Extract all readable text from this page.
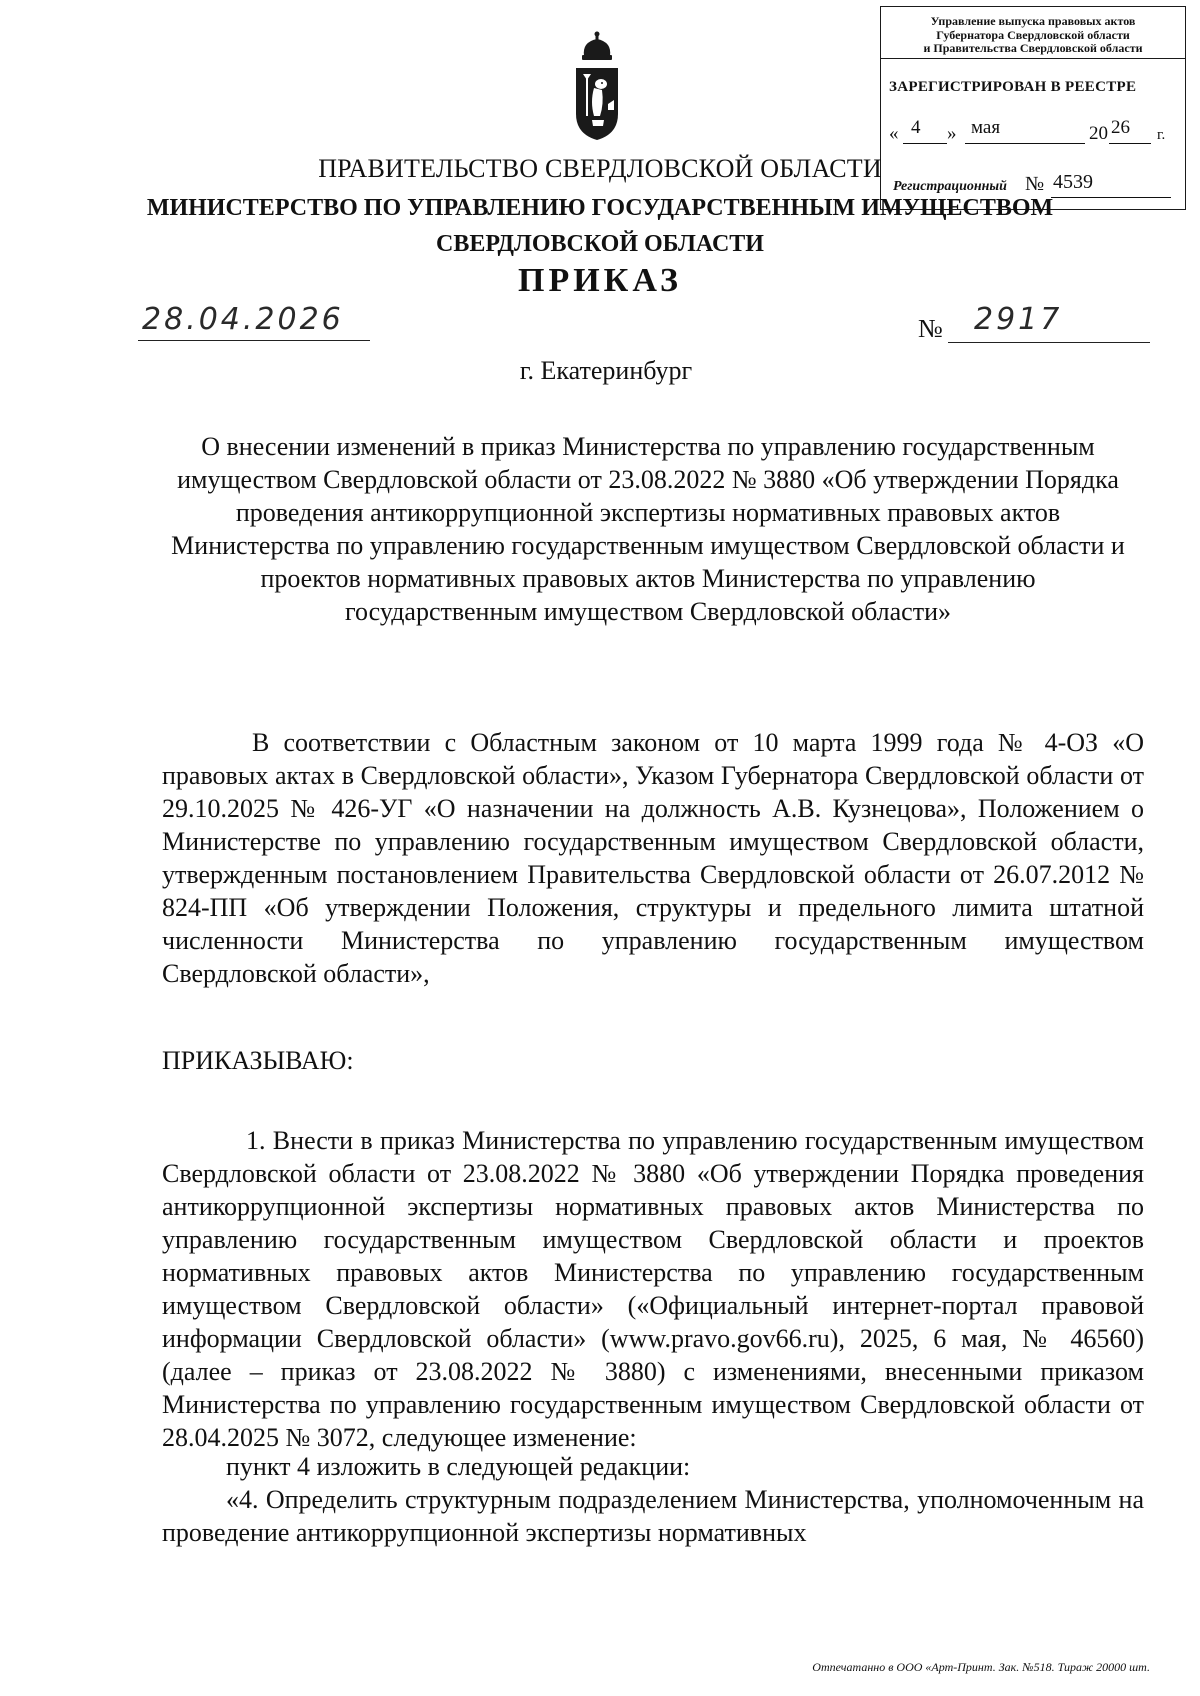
Управление выпуска правовых актов
Губернатора Свердловской области
и Правительства Свердловской области
ЗАРЕГИСТРИРОВАН В РЕЕСТРЕ
« 4 » мая	20 26 г.
Регистрационный № 4539
ПРАВИТЕЛЬСТВО СВЕРДЛОВСКОЙ ОБЛАСТИ
МИНИСТЕРСТВО ПО УПРАВЛЕНИЮ ГОСУДАРСТВЕННЫМ ИМУЩЕСТВОМ
СВЕРДЛОВСКОЙ ОБЛАСТИ
ПРИКАЗ
28.04.2026	№ 2917
г. Екатеринбург
О внесении изменений в приказ Министерства по управлению государственным имуществом Свердловской области от 23.08.2022 № 3880 «Об утверждении Порядка проведения антикоррупционной экспертизы нормативных правовых актов Министерства по управлению государственным имуществом Свердловской области и проектов нормативных правовых актов Министерства по управлению государственным имуществом Свердловской области»
В соответствии с Областным законом от 10 марта 1999 года № 4-ОЗ «О правовых актах в Свердловской области», Указом Губернатора Свердловской области от 29.10.2025 № 426-УГ «О назначении на должность А.В. Кузнецова», Положением о Министерстве по управлению государственным имуществом Свердловской области, утвержденным постановлением Правительства Свердловской области от 26.07.2012 № 824-ПП «Об утверждении Положения, структуры и предельного лимита штатной численности Министерства по управлению государственным имуществом Свердловской области»,
ПРИКАЗЫВАЮ:
1. Внести в приказ Министерства по управлению государственным имуществом Свердловской области от 23.08.2022 № 3880 «Об утверждении Порядка проведения антикоррупционной экспертизы нормативных правовых актов Министерства по управлению государственным имуществом Свердловской области и проектов нормативных правовых актов Министерства по управлению государственным имуществом Свердловской области» («Официальный интернет-портал правовой информации Свердловской области» (www.pravo.gov66.ru), 2025, 6 мая, № 46560) (далее – приказ от 23.08.2022 № 3880) с изменениями, внесенными приказом Министерства по управлению государственным имуществом Свердловской области от 28.04.2025 № 3072, следующее изменение:
пункт 4 изложить в следующей редакции:
«4. Определить структурным подразделением Министерства, уполномоченным на проведение антикоррупционной экспертизы нормативных
Отпечатанно в ООО «Арт-Принт. Зак. №518. Тираж 20000 шт.
